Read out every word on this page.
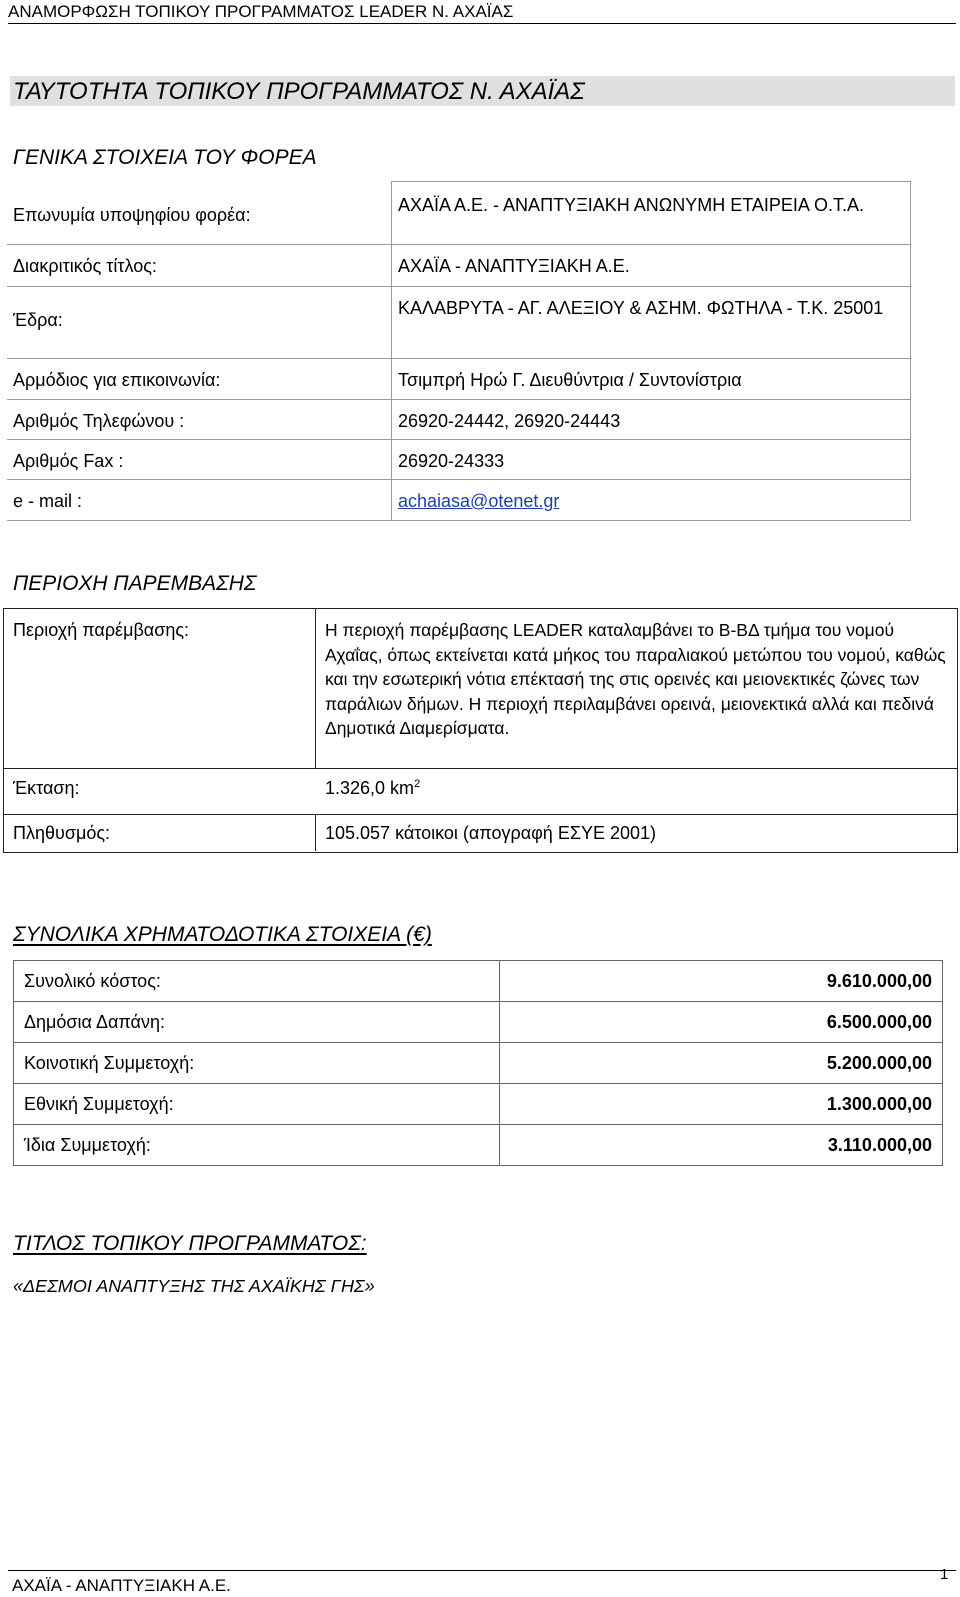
ΑΝΑΜΟΡΦΩΣΗ ΤΟΠΙΚΟΥ ΠΡΟΓΡΑΜΜΑΤΟΣ LEADER Ν. ΑΧΑΪΑΣ
ΤΑΥΤΟΤΗΤΑ ΤΟΠΙΚΟΥ ΠΡΟΓΡΑΜΜΑΤΟΣ Ν. ΑΧΑΪΑΣ
ΓΕΝΙΚΑ ΣΤΟΙΧΕΙΑ ΤΟΥ ΦΟΡΕΑ
Επωνυμία υποψηφίου φορέα:	ΑΧΑΪΑ Α.Ε. - ΑΝΑΠΤΥΞΙΑΚΗ ΑΝΩΝΥΜΗ ΕΤΑΙΡΕΙΑ Ο.Τ.Α.
Διακριτικός τίτλος:	ΑΧΑΪΑ - ΑΝΑΠΤΥΞΙΑΚΗ Α.Ε.
Έδρα:	ΚΑΛΑΒΡΥΤΑ - ΑΓ. ΑΛΕΞΙΟΥ & ΑΣΗΜ. ΦΩΤΗΛΑ - Τ.Κ. 25001
Αρμόδιος για επικοινωνία:	Τσιμπρή Ηρώ Γ. Διευθύντρια / Συντονίστρια
Αριθμός Τηλεφώνου :	26920-24442, 26920-24443
Αριθμός Fax :	26920-24333
e - mail :	achaiasa@otenet.gr
ΠΕΡΙΟΧΗ ΠΑΡΕΜΒΑΣΗΣ
Περιοχή παρέμβασης:	Η περιοχή παρέμβασης LEADER καταλαμβάνει το Β-ΒΔ τμήμα του νομού Αχαΐας, όπως εκτείνεται κατά μήκος του παραλιακού μετώπου του νομού, καθώς και την εσωτερική νότια επέκτασή της στις ορεινές και μειονεκτικές ζώνες των παράλιων δήμων. Η περιοχή περιλαμβάνει ορεινά, μειονεκτικά αλλά και πεδινά Δημοτικά Διαμερίσματα.
Έκταση:	1.326,0 $km^2$
Πληθυσμός:	105.057 κάτοικοι (απογραφή ΕΣΥΕ 2001)
ΣΥΝΟΛΙΚΑ ΧΡΗΜΑΤΟΔΟΤΙΚΑ ΣΤΟΙΧΕΙΑ (€)
Συνολικό κόστος:	9.610.000,00
Δημόσια Δαπάνη:	6.500.000,00
Κοινοτική Συμμετοχή:	5.200.000,00
Εθνική Συμμετοχή:	1.300.000,00
Ίδια Συμμετοχή:	3.110.000,00
ΤΙΤΛΟΣ ΤΟΠΙΚΟΥ ΠΡΟΓΡΑΜΜΑΤΟΣ:
«ΔΕΣΜΟΙ ΑΝΑΠΤΥΞΗΣ ΤΗΣ ΑΧΑΪΚΗΣ ΓΗΣ»
ΑΧΑΪΑ - ΑΝΑΠΤΥΞΙΑΚΗ Α.Ε.
1
